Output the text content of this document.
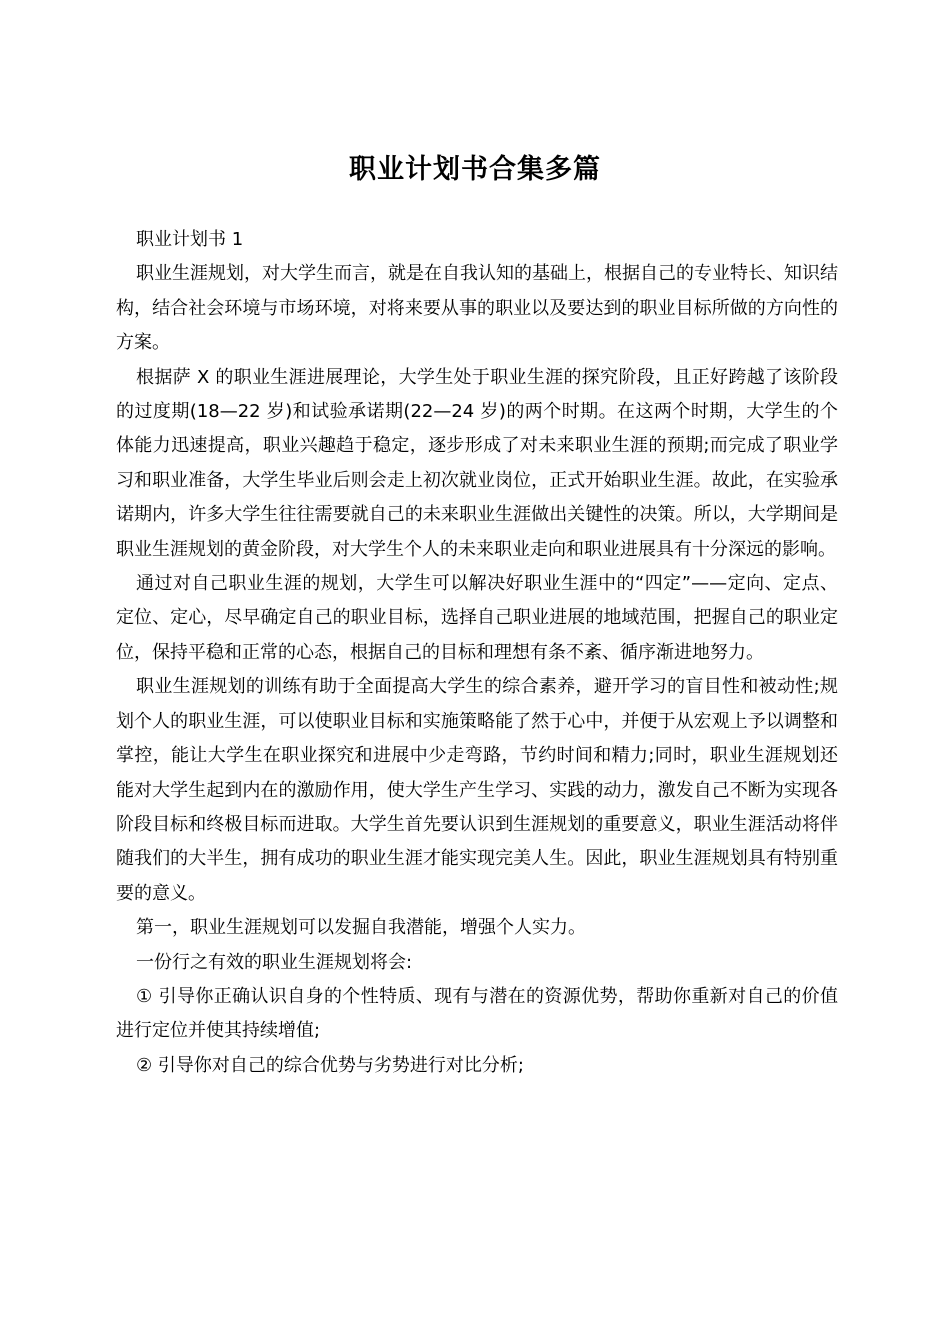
职业计划书合集多篇

职业计划书 1

职业生涯规划，对大学生而言，就是在自我认知的基础上，根据自己的专业特长、知识结构，结合社会环境与市场环境，对将来要从事的职业以及要达到的职业目标所做的方向性的方案。

根据萨 X 的职业生涯进展理论，大学生处于职业生涯的探究阶段，且正好跨越了该阶段的过度期(18—22 岁)和试验承诺期(22—24 岁)的两个时期。在这两个时期，大学生的个体能力迅速提高，职业兴趣趋于稳定，逐步形成了对未来职业生涯的预期;而完成了职业学习和职业准备，大学生毕业后则会走上初次就业岗位，正式开始职业生涯。故此，在实验承诺期内，许多大学生往往需要就自己的未来职业生涯做出关键性的决策。所以，大学期间是职业生涯规划的黄金阶段，对大学生个人的未来职业走向和职业进展具有十分深远的影响。

通过对自己职业生涯的规划，大学生可以解决好职业生涯中的“四定”——定向、定点、定位、定心，尽早确定自己的职业目标，选择自己职业进展的地域范围，把握自己的职业定位，保持平稳和正常的心态，根据自己的目标和理想有条不紊、循序渐进地努力。

职业生涯规划的训练有助于全面提高大学生的综合素养，避开学习的盲目性和被动性;规划个人的职业生涯，可以使职业目标和实施策略能了然于心中，并便于从宏观上予以调整和掌控，能让大学生在职业探究和进展中少走弯路，节约时间和精力;同时，职业生涯规划还能对大学生起到内在的激励作用，使大学生产生学习、实践的动力，激发自己不断为实现各阶段目标和终极目标而进取。大学生首先要认识到生涯规划的重要意义，职业生涯活动将伴随我们的大半生，拥有成功的职业生涯才能实现完美人生。因此，职业生涯规划具有特别重要的意义。

第一，职业生涯规划可以发掘自我潜能，增强个人实力。

一份行之有效的职业生涯规划将会:

① 引导你正确认识自身的个性特质、现有与潜在的资源优势，帮助你重新对自己的价值进行定位并使其持续增值;

② 引导你对自己的综合优势与劣势进行对比分析;
